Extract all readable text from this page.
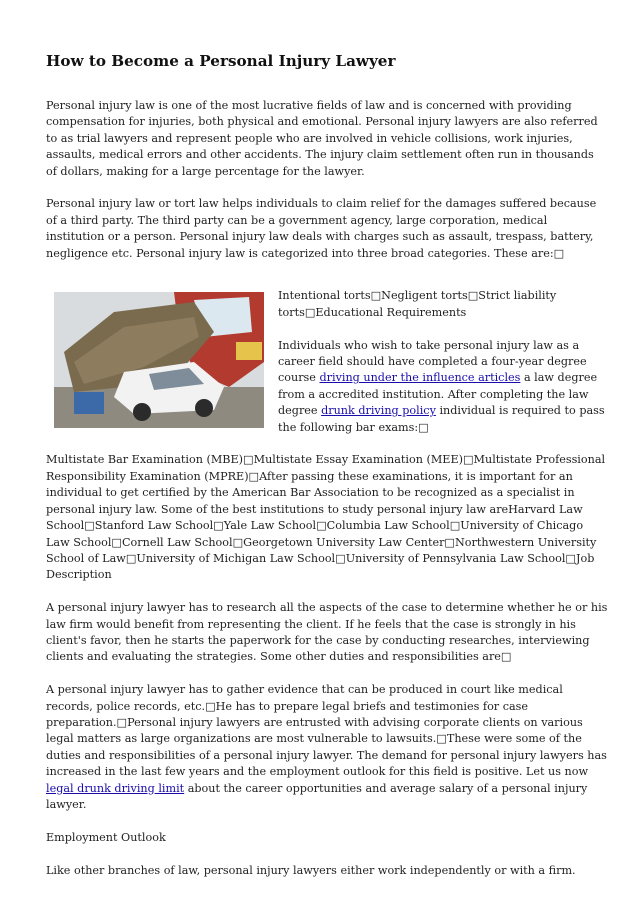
How to Become a Personal Injury Lawyer

Personal injury law is one of the most lucrative fields of law and is concerned with providing compensation for injuries, both physical and emotional. Personal injury lawyers are also referred to as trial lawyers and represent people who are involved in vehicle collisions, work injuries, assaults, medical errors and other accidents. The injury claim settlement often run in thousands of dollars, making for a large percentage for the lawyer.

Personal injury law or tort law helps individuals to claim relief for the damages suffered because of a third party. The third party can be a government agency, large corporation, medical institution or a person. Personal injury law deals with charges such as assault, trespass, battery, negligence etc. Personal injury law is categorized into three broad categories. These are:□

Intentional torts□Negligent torts□Strict liability torts□Educational Requirements

Individuals who wish to take personal injury law as a career field should have completed a four-year degree course driving under the influence articles a law degree from a accredited institution. After completing the law degree drunk driving policy individual is required to pass the following bar exams:□

Multistate Bar Examination (MBE)□Multistate Essay Examination (MEE)□Multistate Professional Responsibility Examination (MPRE)□After passing these examinations, it is important for an individual to get certified by the American Bar Association to be recognized as a specialist in personal injury law. Some of the best institutions to study personal injury law areHarvard Law School□Stanford Law School□Yale Law School□Columbia Law School□University of Chicago Law School□Cornell Law School□Georgetown University Law Center□Northwestern University School of Law□University of Michigan Law School□University of Pennsylvania Law School□Job Description

A personal injury lawyer has to research all the aspects of the case to determine whether he or his law firm would benefit from representing the client. If he feels that the case is strongly in his client's favor, then he starts the paperwork for the case by conducting researches, interviewing clients and evaluating the strategies. Some other duties and responsibilities are□

A personal injury lawyer has to gather evidence that can be produced in court like medical records, police records, etc.□He has to prepare legal briefs and testimonies for case preparation.□Personal injury lawyers are entrusted with advising corporate clients on various legal matters as large organizations are most vulnerable to lawsuits.□These were some of the duties and responsibilities of a personal injury lawyer. The demand for personal injury lawyers has increased in the last few years and the employment outlook for this field is positive. Let us now legal drunk driving limit about the career opportunities and average salary of a personal injury lawyer.

Employment Outlook

Like other branches of law, personal injury lawyers either work independently or with a firm.
